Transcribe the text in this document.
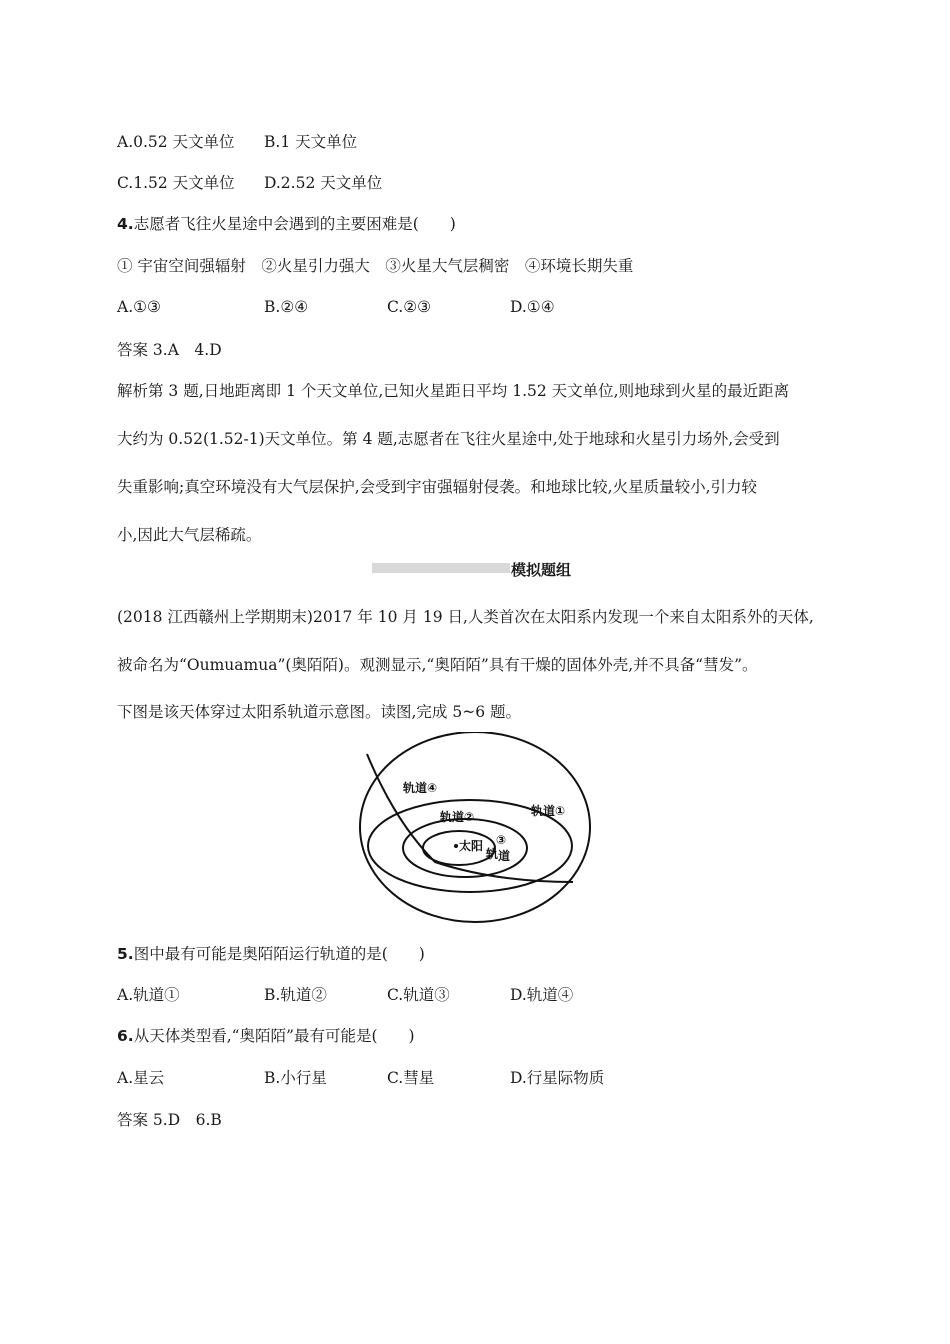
A.0.52 天文单位 B.1 天文单位
C.1.52 天文单位 D.2.52 天文单位
4.志愿者飞往火星途中会遇到的主要困难是(　　)
① 宇宙空间强辐射　②火星引力强大　③火星大气层稠密　④环境长期失重
A.①③	B.②④	C.②③	D.①④
答案 3.A　4.D
解析第 3 题,日地距离即 1 个天文单位,已知火星距日平均 1.52 天文单位,则地球到火星的最近距离
大约为 0.52(1.52-1)天文单位。第 4 题,志愿者在飞往火星途中,处于地球和火星引力场外,会受到
失重影响;真空环境没有大气层保护,会受到宇宙强辐射侵袭。和地球比较,火星质量较小,引力较
小,因此大气层稀疏。
模拟题组
(2018 江西赣州上学期期末)2017 年 10 月 19 日,人类首次在太阳系内发现一个来自太阳系外的天体,
被命名为“Oumuamua”(奥陌陌)。观测显示,“奥陌陌”具有干燥的固体外壳,并不具备“彗发”。
下图是该天体穿过太阳系轨道示意图。读图,完成 5~6 题。
轨道④
轨道②	轨道①
③
轨 道
太阳
5.图中最有可能是奥陌陌运行轨道的是(　　)
A.轨道①	B.轨道②	C.轨道③	D.轨道④
6.从天体类型看,“奥陌陌”最有可能是(　　)
A.星云	B.小行星	C.彗星	D.行星际物质
答案 5.D　6.B
